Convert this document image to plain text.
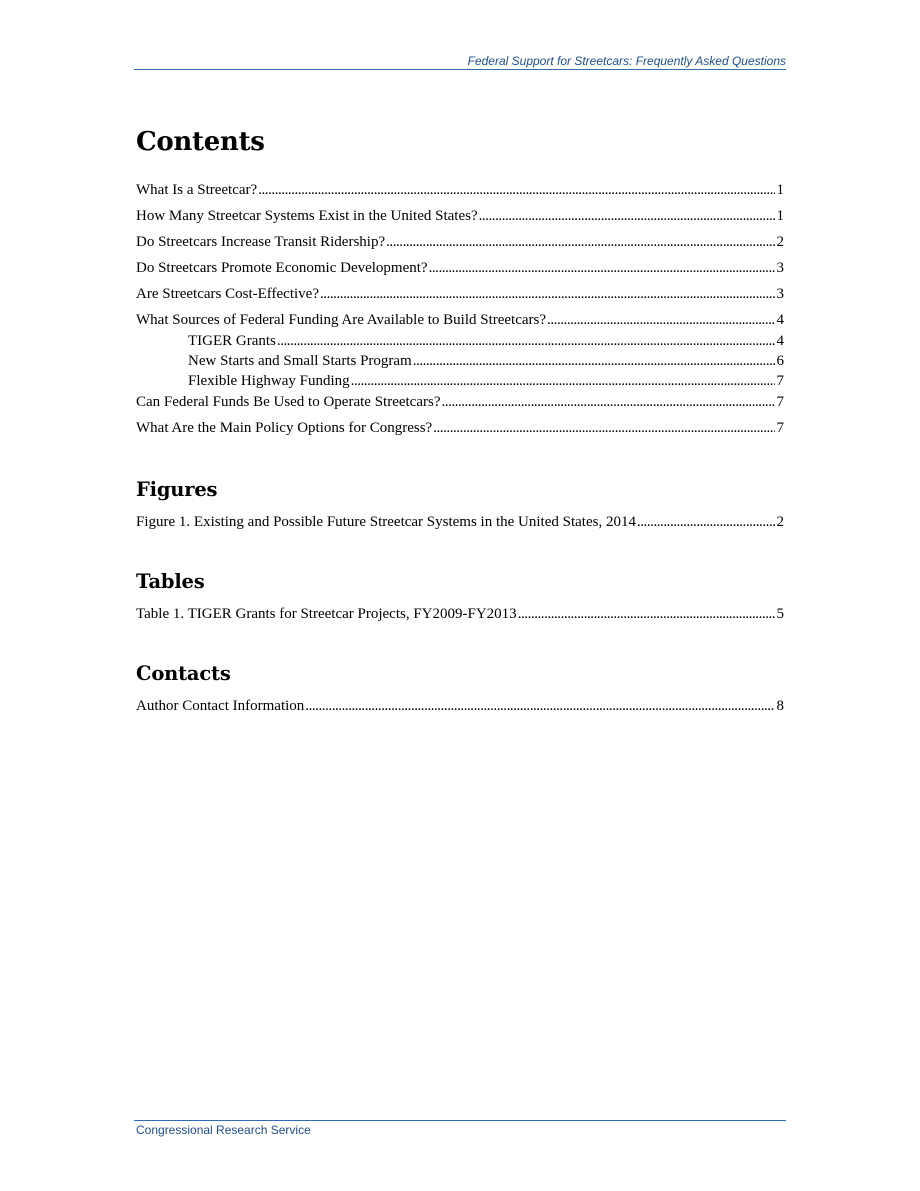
Federal Support for Streetcars: Frequently Asked Questions
Contents
What Is a Streetcar? . . .	1
How Many Streetcar Systems Exist in the United States? . . .	1
Do Streetcars Increase Transit Ridership? . . .	2
Do Streetcars Promote Economic Development? . . .	3
Are Streetcars Cost-Effective? . . .	3
What Sources of Federal Funding Are Available to Build Streetcars? . . .	4
TIGER Grants . . .	4
New Starts and Small Starts Program . . .	6
Flexible Highway Funding . . .	7
Can Federal Funds Be Used to Operate Streetcars? . . .	7
What Are the Main Policy Options for Congress? . . .	7
Figures
Figure 1. Existing and Possible Future Streetcar Systems in the United States, 2014 . . .	2
Tables
Table 1. TIGER Grants for Streetcar Projects, FY2009-FY2013 . . .	5
Contacts
Author Contact Information . . .	8
Congressional Research Service
